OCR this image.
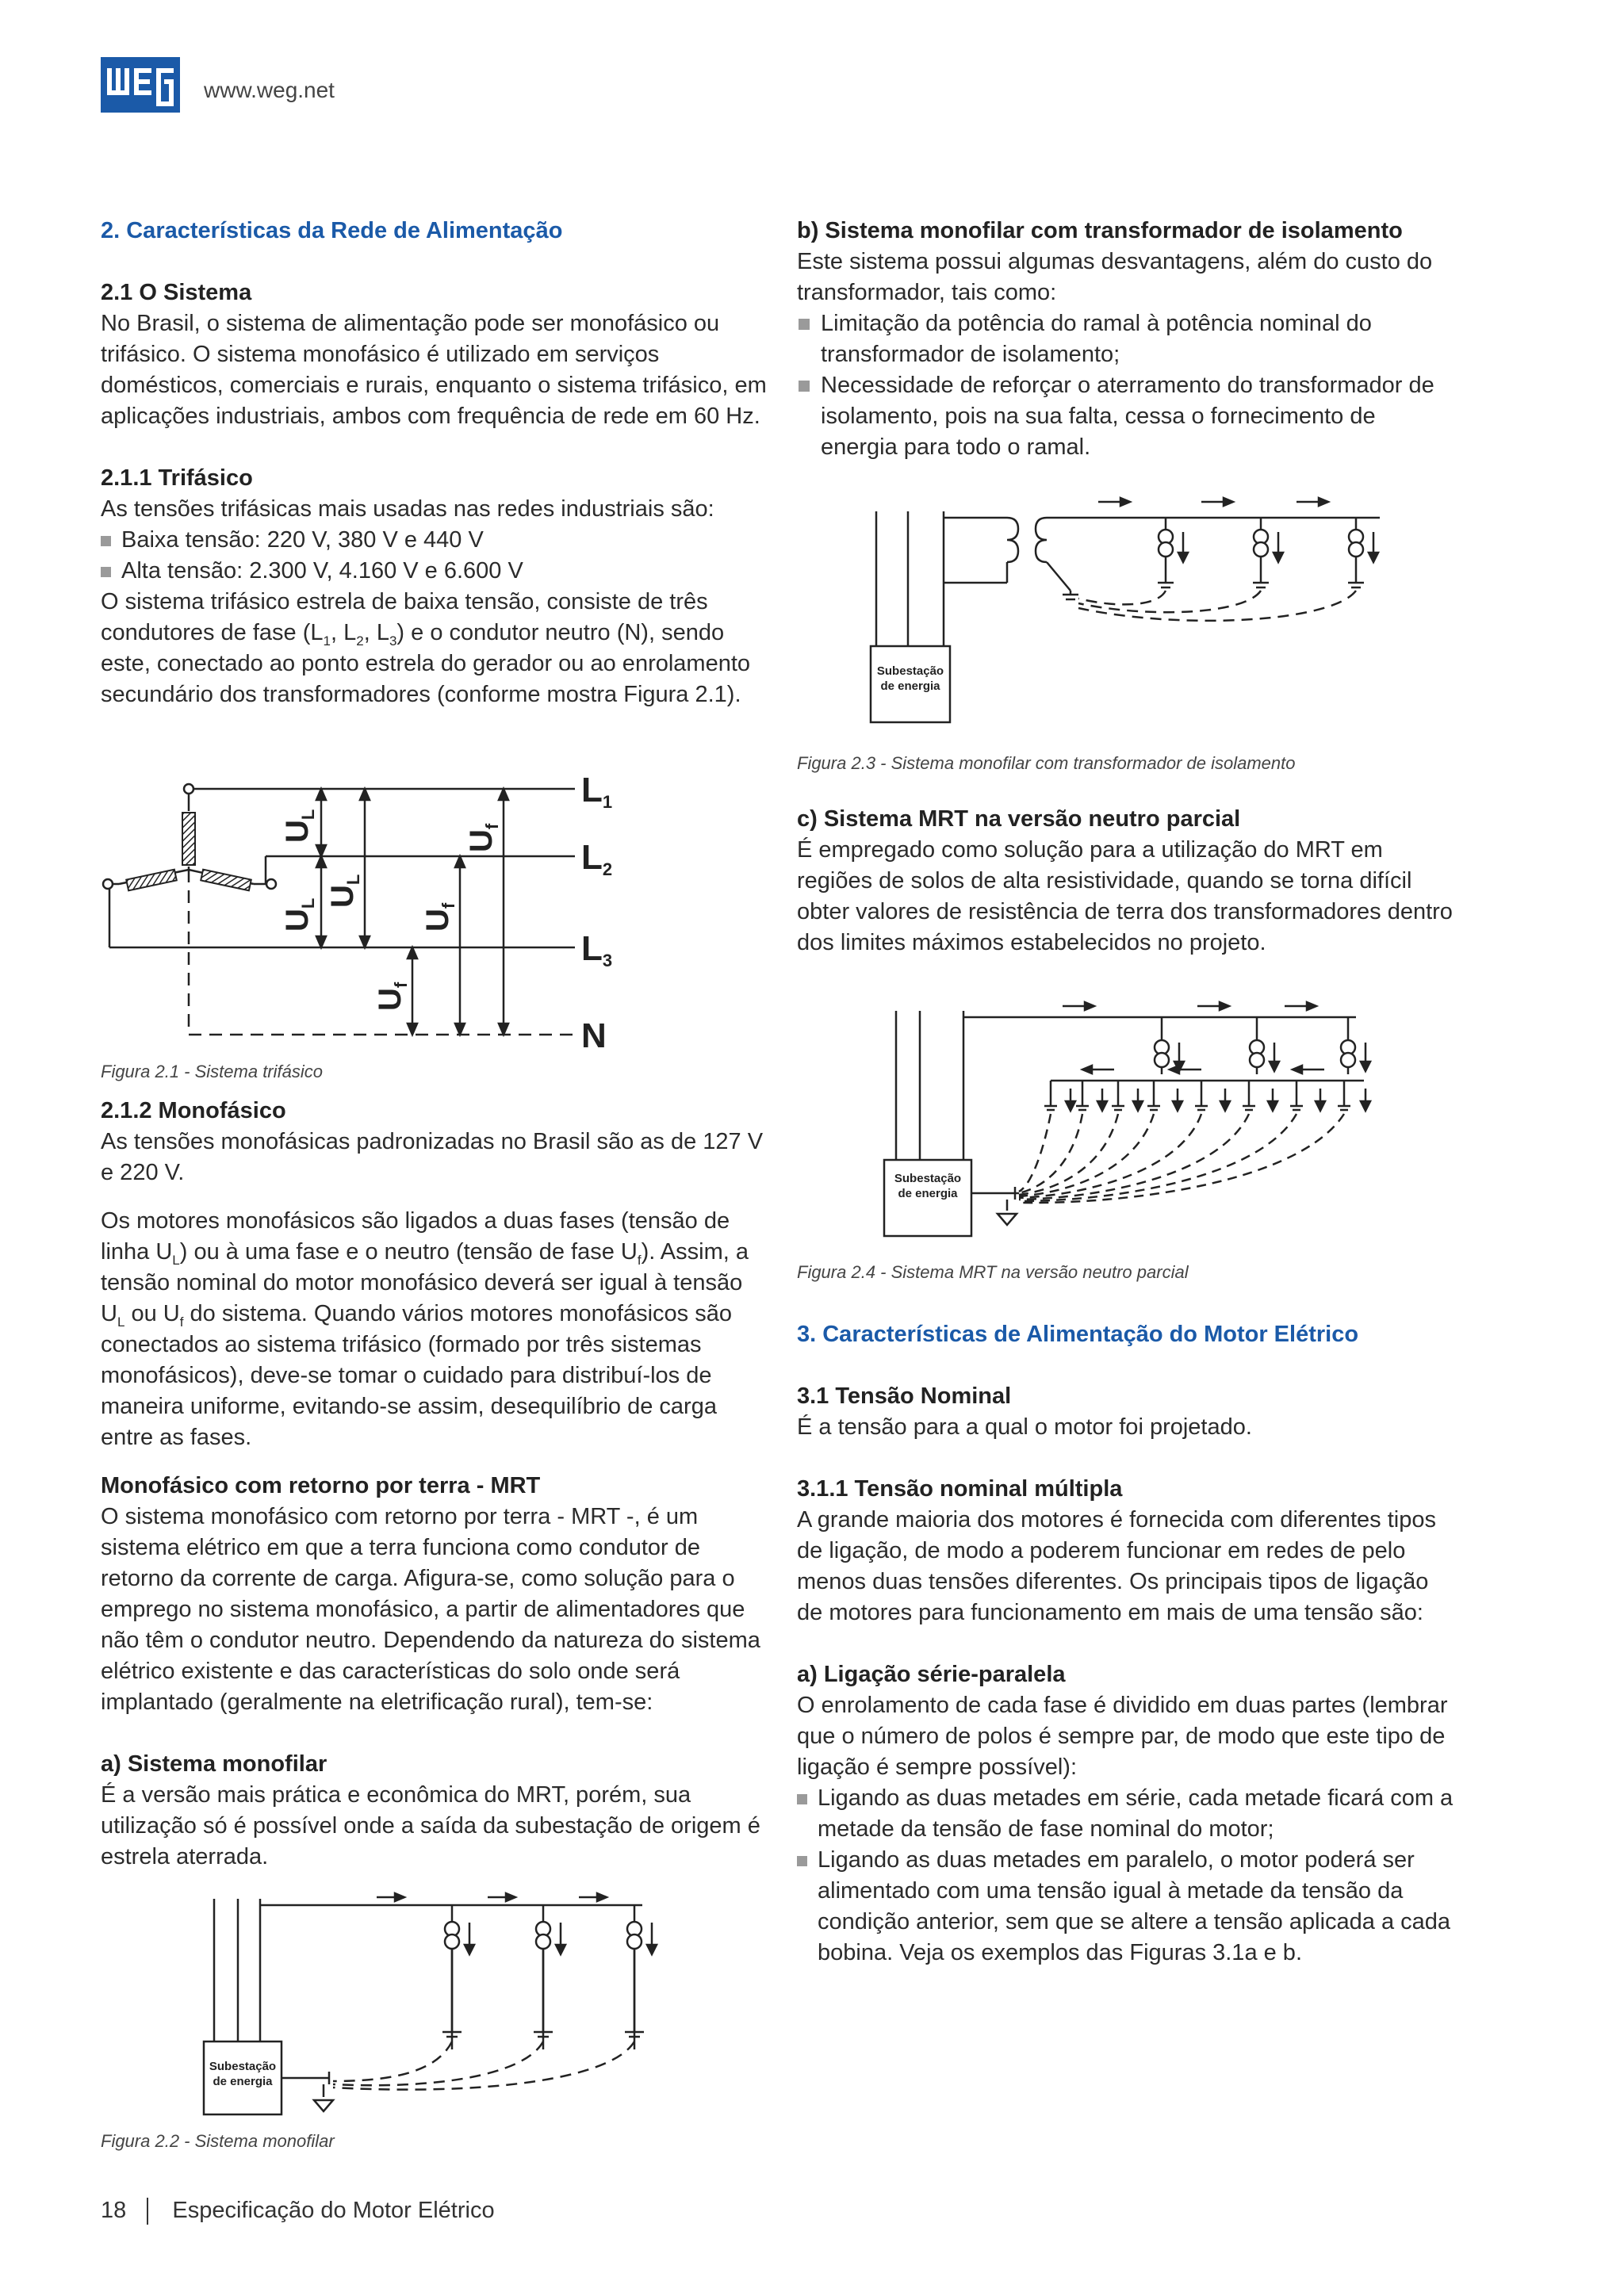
www.weg.net

2. Características da Rede de Alimentação

2.1 O Sistema

No Brasil, o sistema de alimentação pode ser monofásico ou trifásico. O sistema monofásico é utilizado em serviços domésticos, comerciais e rurais, enquanto o sistema trifásico, em aplicações industriais, ambos com frequência de rede em 60 Hz.

2.1.1 Trifásico

As tensões trifásicas mais usadas nas redes industriais são:

Baixa tensão: 220 V, 380 V e 440 V

Alta tensão: 2.300 V, 4.160 V e 6.600 V

O sistema trifásico estrela de baixa tensão, consiste de três condutores de fase ($L_1$, $L_2$, $L_3$) e o condutor neutro (N), sendo este, conectado ao ponto estrela do gerador ou ao enrolamento secundário dos transformadores (conforme mostra Figura 2.1).

$U_L$
$U_L$ $U_L$
$U_f$
$U_f$
$U_f$
L1
L2
L3
N
Figura 2.1 - Sistema trifásico

2.1.2 Monofásico

As tensões monofásicas padronizadas no Brasil são as de 127 V e 220 V.

Os motores monofásicos são ligados a duas fases (tensão de linha $U_L$) ou à uma fase e o neutro (tensão de fase $U_f$). Assim, a tensão nominal do motor monofásico deverá ser igual à tensão $U_L$ ou $U_f$ do sistema. Quando vários motores monofásicos são conectados ao sistema trifásico (formado por três sistemas monofásicos), deve-se tomar o cuidado para distribuí-los de maneira uniforme, evitando-se assim, desequilíbrio de carga entre as fases.

Monofásico com retorno por terra - MRT

O sistema monofásico com retorno por terra - MRT -, é um sistema elétrico em que a terra funciona como condutor de retorno da corrente de carga. Afigura-se, como solução para o emprego no sistema monofásico, a partir de alimentadores que não têm o condutor neutro. Dependendo da natureza do sistema elétrico existente e das características do solo onde será implantado (geralmente na eletrificação rural), tem-se:

a) Sistema monofilar

É a versão mais prática e econômica do MRT, porém, sua utilização só é possível onde a saída da subestação de origem é estrela aterrada.

Subestação
de energia
Figura 2.2 - Sistema monofilar

b) Sistema monofilar com transformador de isolamento

Este sistema possui algumas desvantagens, além do custo do transformador, tais como:

Limitação da potência do ramal à potência nominal do transformador de isolamento;

Necessidade de reforçar o aterramento do transformador de isolamento, pois na sua falta, cessa o fornecimento de energia para todo o ramal.

Subestação
de energia
Figura 2.3 - Sistema monofilar com transformador de isolamento

c) Sistema MRT na versão neutro parcial

É empregado como solução para a utilização do MRT em regiões de solos de alta resistividade, quando se torna difícil obter valores de resistência de terra dos transformadores dentro dos limites máximos estabelecidos no projeto.

Subestação
de energia
Figura 2.4 - Sistema MRT na versão neutro parcial

3. Características de Alimentação do Motor Elétrico

3.1 Tensão Nominal

É a tensão para a qual o motor foi projetado.

3.1.1 Tensão nominal múltipla

A grande maioria dos motores é fornecida com diferentes tipos de ligação, de modo a poderem funcionar em redes de pelo menos duas tensões diferentes. Os principais tipos de ligação de motores para funcionamento em mais de uma tensão são:

a) Ligação série-paralela

O enrolamento de cada fase é dividido em duas partes (lembrar que o número de polos é sempre par, de modo que este tipo de ligação é sempre possível):

Ligando as duas metades em série, cada metade ficará com a metade da tensão de fase nominal do motor;

Ligando as duas metades em paralelo, o motor poderá ser alimentado com uma tensão igual à metade da tensão da condição anterior, sem que se altere a tensão aplicada a cada bobina. Veja os exemplos das Figuras 3.1a e b.

18 Especificação do Motor Elétrico
